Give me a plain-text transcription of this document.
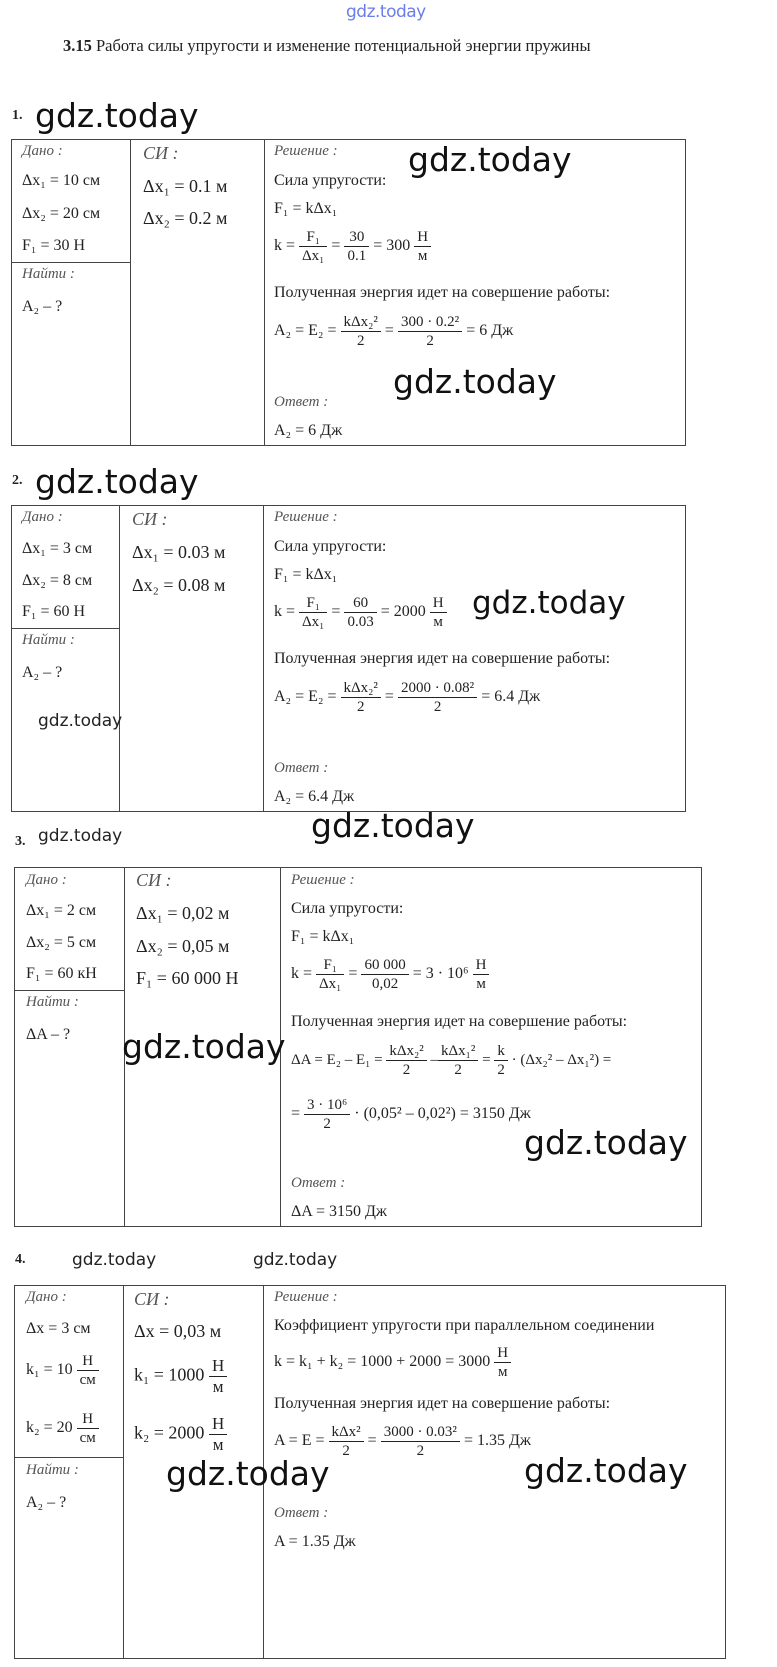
gdz.today
3.15 Работа силы упругости и изменение потенциальной энергии пружины
1. gdz.today
Дано :
Δx₁ = 10 см
Δx₂ = 20 см
F₁ = 30 Н
Найти :
A₂ – ?
СИ :
Δx₁ = 0.1 м
Δx₂ = 0.2 м
Решение :
Сила упругости:
F₁ = kΔx₁
$k = \frac{\text{F₁}}{\text{Δx₁}} = \frac{30}{0.1} = 300 \frac{Н}{м}$
Полученная энергия идет на совершение работы:
$A_2 = E_2 = \frac{\text{kΔx₂²}}{2} = \frac{\text{300 · 0.2²}}{2} = 6$ Дж
Ответ :
A₂ = 6 Дж
gdz.today
gdz.today
2. gdz.today
Дано :
Δx₁ = 3 см
Δx₂ = 8 см
F₁ = 60 Н
Найти :
A₂ – ?
gdz.today
СИ :
Δx₁ = 0.03 м
Δx₂ = 0.08 м
Решение :
Сила упругости:
F₁ = kΔx₁
$k = \frac{\text{F₁}}{\text{Δx₁}} = \frac{60}{0.03} = 2000 \frac{Н}{м}$
Полученная энергия идет на совершение работы:
$A_2 = E_2 = \frac{\text{kΔx₂²}}{2} = \frac{\text{2000 · 0.08²}}{2} = 6.4$ Дж
Ответ :
A₂ = 6.4 Дж
gdz.today
gdz.today
3. gdz.today
Дано :
Δx₁ = 2 см
Δx₂ = 5 см
F₁ = 60 кН
Найти :
ΔA – ?
СИ :
Δx₁ = 0,02 м
Δx₂ = 0,05 м
F₁ = 60 000 Н
Решение :
Сила упругости:
F₁ = kΔx₁
$k = \frac{\text{F₁}}{\text{Δx₁}} = \frac{60 000}{0,02} = 3 \cdot 10^6 \frac{Н}{м}$
Полученная энергия идет на совершение работы:
$\Delta A = E_2 - E_1 = \frac{\text{kΔx₂²}}{2} - \frac{\text{kΔx₁²}}{2} = \frac{k}{2} \cdot (\Delta x_2^2 - \Delta x_1^2)$ =
= $\frac{\text{3 · 10⁶}}{2} \cdot (0,05^2 - 0,02^2) = 3150$ Дж
Ответ :
ΔA = 3150 Дж
gdz.today
gdz.today
4.	gdz.today	gdz.today
Дано :
Δx = 3 см
$k_1 = 10 \frac{Н}{см}$
$k_2 = 20 \frac{Н}{см}$
Найти :
A₂ – ?
СИ :
Δx = 0,03 м
$k_1 = 1000 \frac{Н}{м}$
$k_2 = 2000 \frac{Н}{м}$
Решение :
Коэффициент упругости при параллельном соединении
$k = k_1 + k_2 = 1000 + 2000 = 3000 \frac{Н}{м}$
Полученная энергия идет на совершение работы:
$A = E = \frac{\text{kΔx²}}{2} = \frac{\text{3000 · 0.03²}}{2} = 1.35$ Дж
Ответ :
A = 1.35 Дж
gdz.today	gdz.today
